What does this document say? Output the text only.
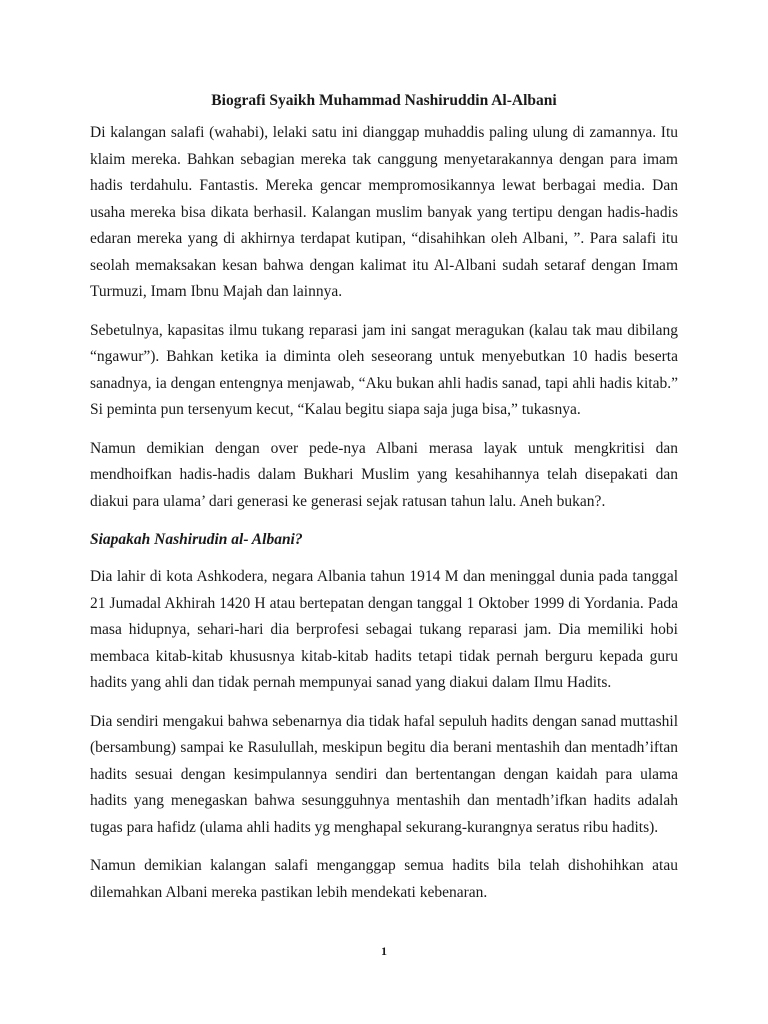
Biografi Syaikh Muhammad Nashiruddin Al-Albani

Di kalangan salafi (wahabi), lelaki satu ini dianggap muhaddis paling ulung di zamannya. Itu klaim mereka. Bahkan sebagian mereka tak canggung menyetarakannya dengan para imam hadis terdahulu. Fantastis. Mereka gencar mempromosikannya lewat berbagai media. Dan usaha mereka bisa dikata berhasil. Kalangan muslim banyak yang tertipu dengan hadis-hadis edaran mereka yang di akhirnya terdapat kutipan, “disahihkan oleh Albani, ”. Para salafi itu seolah memaksakan kesan bahwa dengan kalimat itu Al-Albani sudah setaraf dengan Imam Turmuzi, Imam Ibnu Majah dan lainnya.

Sebetulnya, kapasitas ilmu tukang reparasi jam ini sangat meragukan (kalau tak mau dibilang “ngawur”). Bahkan ketika ia diminta oleh seseorang untuk menyebutkan 10 hadis beserta sanadnya, ia dengan entengnya menjawab, “Aku bukan ahli hadis sanad, tapi ahli hadis kitab.” Si peminta pun tersenyum kecut, “Kalau begitu siapa saja juga bisa,” tukasnya.

Namun demikian dengan over pede-nya Albani merasa layak untuk mengkritisi dan mendhoifkan hadis-hadis dalam Bukhari Muslim yang kesahihannya telah disepakati dan diakui para ulama’ dari generasi ke generasi sejak ratusan tahun lalu. Aneh bukan?.

Siapakah Nashirudin al- Albani?

Dia lahir di kota Ashkodera, negara Albania tahun 1914 M dan meninggal dunia pada tanggal 21 Jumadal Akhirah 1420 H atau bertepatan dengan tanggal 1 Oktober 1999 di Yordania. Pada masa hidupnya, sehari-hari dia berprofesi sebagai tukang reparasi jam. Dia memiliki hobi membaca kitab-kitab khususnya kitab-kitab hadits tetapi tidak pernah berguru kepada guru hadits yang ahli dan tidak pernah mempunyai sanad yang diakui dalam Ilmu Hadits.

Dia sendiri mengakui bahwa sebenarnya dia tidak hafal sepuluh hadits dengan sanad muttashil (bersambung) sampai ke Rasulullah, meskipun begitu dia berani mentashih dan mentadh’iftan hadits sesuai dengan kesimpulannya sendiri dan bertentangan dengan kaidah para ulama hadits yang menegaskan bahwa sesungguhnya mentashih dan mentadh’ifkan hadits adalah tugas para hafidz (ulama ahli hadits yg menghapal sekurang-kurangnya seratus ribu hadits).

Namun demikian kalangan salafi menganggap semua hadits bila telah dishohihkan atau dilemahkan Albani mereka pastikan lebih mendekati kebenaran.

1
